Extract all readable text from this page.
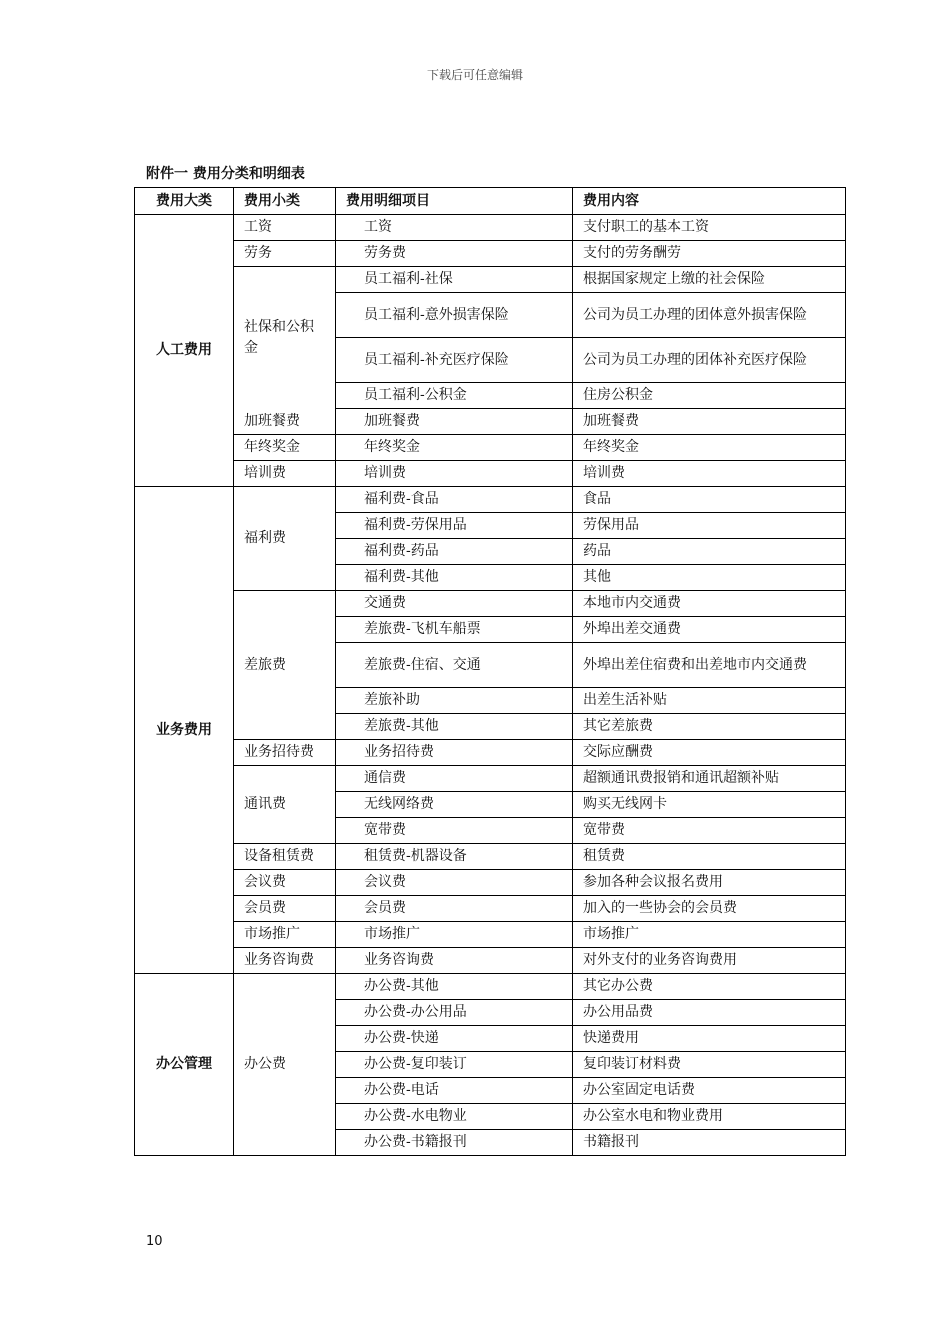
下载后可任意编辑
附件一 费用分类和明细表
费用大类	费用小类	费用明细项目	费用内容
人工费用	工资	工资	支付职工的基本工资
	劳务	劳务费	支付的劳务酬劳
	社保和公积金	员工福利-社保	根据国家规定上缴的社会保险
		员工福利-意外损害保险	公司为员工办理的团体意外损害保险
		员工福利-补充医疗保险	公司为员工办理的团体补充医疗保险
		员工福利-公积金	住房公积金
	加班餐费	加班餐费	加班餐费
	年终奖金	年终奖金	年终奖金
	培训费	培训费	培训费
业务费用	福利费	福利费-食品	食品
		福利费-劳保用品	劳保用品
		福利费-药品	药品
		福利费-其他	其他
	差旅费	交通费	本地市内交通费
		差旅费-飞机车船票	外埠出差交通费
		差旅费-住宿、交通	外埠出差住宿费和出差地市内交通费
		差旅补助	出差生活补贴
		差旅费-其他	其它差旅费
	业务招待费	业务招待费	交际应酬费
	通讯费	通信费	超额通讯费报销和通讯超额补贴
		无线网络费	购买无线网卡
		宽带费	宽带费
	设备租赁费	租赁费-机器设备	租赁费
	会议费	会议费	参加各种会议报名费用
	会员费	会员费	加入的一些协会的会员费
	市场推广	市场推广	市场推广
	业务咨询费	业务咨询费	对外支付的业务咨询费用
办公管理	办公费	办公费-其他	其它办公费
		办公费-办公用品	办公用品费
		办公费-快递	快递费用
		办公费-复印装订	复印装订材料费
		办公费-电话	办公室固定电话费
		办公费-水电物业	办公室水电和物业费用
		办公费-书籍报刊	书籍报刊
10
